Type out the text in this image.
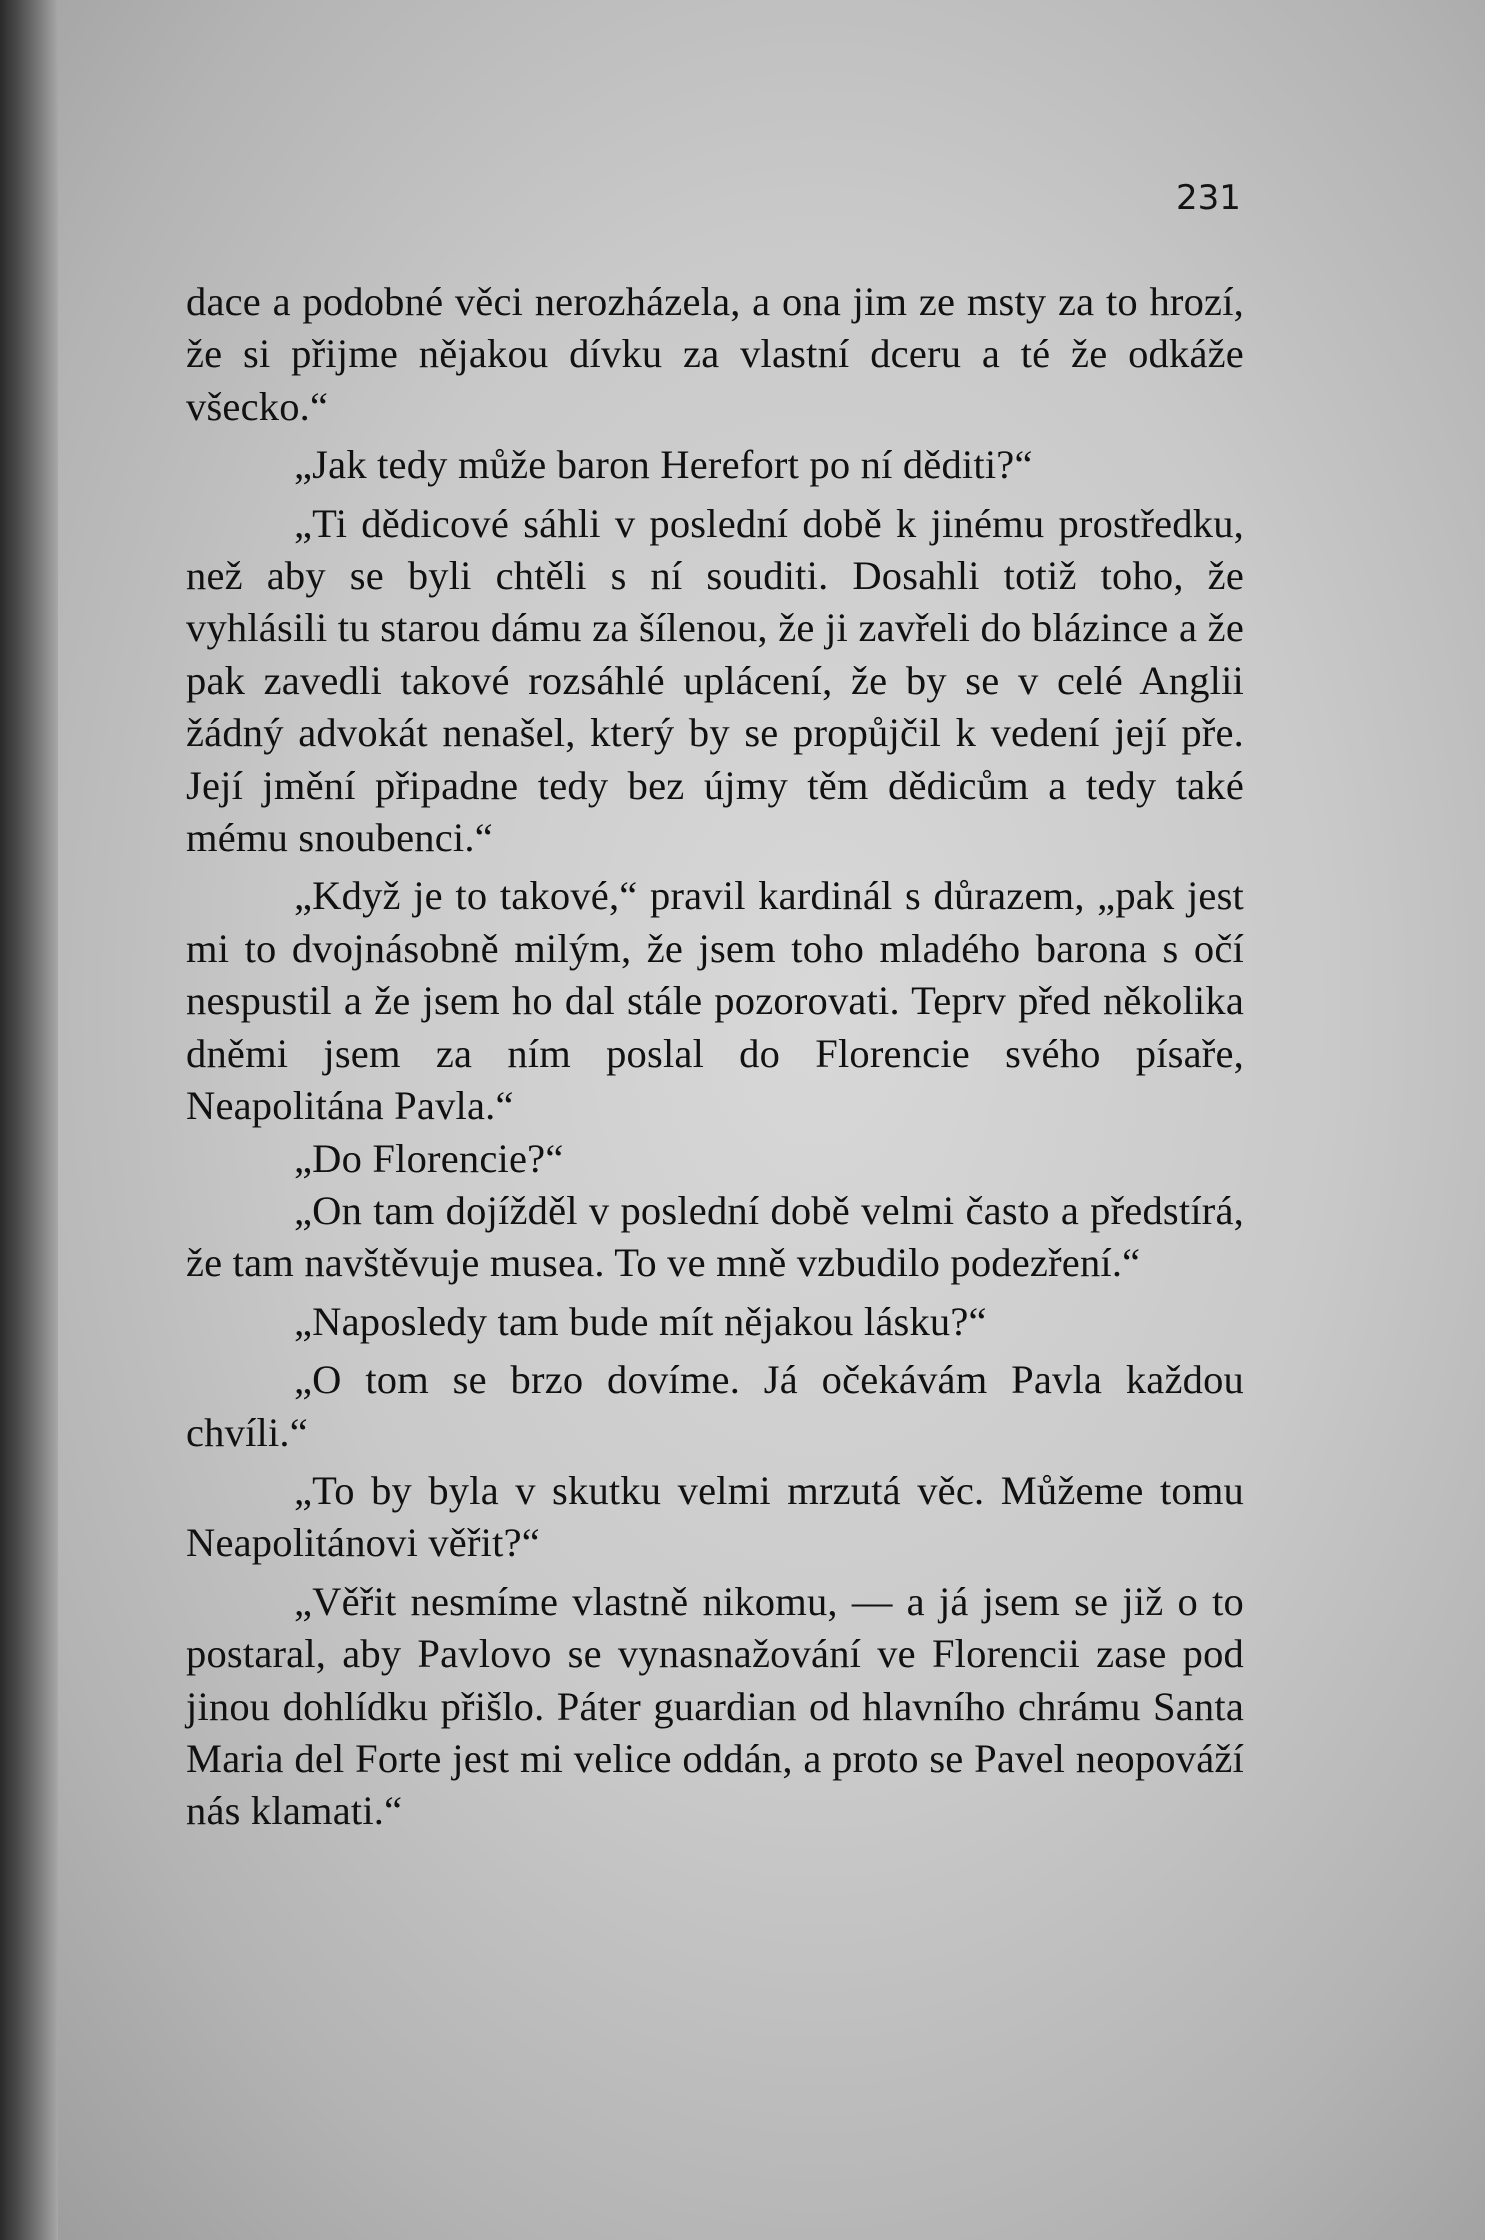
231

dace a podobné věci nerozházela, a ona jim ze msty za to hrozí, že si přijme nějakou dívku za vlastní dceru a té že odkáže všecko.“

„Jak tedy může baron Herefort po ní děditi?“

„Ti dědicové sáhli v poslední době k jinému prostředku, než aby se byli chtěli s ní souditi. Dosahli totiž toho, že vyhlásili tu starou dámu za šílenou, že ji zavřeli do blázince a že pak zavedli takové rozsáhlé uplácení, že by se v celé Anglii žádný advokát nenašel, který by se propůjčil k vedení její pře. Její jmění připadne tedy bez újmy těm dědicům a tedy také mému snoubenci.“

„Když je to takové,“ pravil kardinál s důrazem, „pak jest mi to dvojnásobně milým, že jsem toho mladého barona s očí nespustil a že jsem ho dal stále pozorovati. Teprv před několika dněmi jsem za ním poslal do Florencie svého písaře, Neapolitána Pavla.“

„Do Florencie?“

„On tam dojížděl v poslední době velmi často a předstírá, že tam navštěvuje musea. To ve mně vzbudilo podezření.“

„Naposledy tam bude mít nějakou lásku?“

„O tom se brzo dovíme. Já očekávám Pavla každou chvíli.“

„To by byla v skutku velmi mrzutá věc. Můžeme tomu Neapolitánovi věřit?“

„Věřit nesmíme vlastně nikomu, — a já jsem se již o to postaral, aby Pavlovo se vynasnažování ve Florencii zase pod jinou dohlídku přišlo. Páter guardian od hlavního chrámu Santa Maria del Forte jest mi velice oddán, a proto se Pavel neopováží nás klamati.“
